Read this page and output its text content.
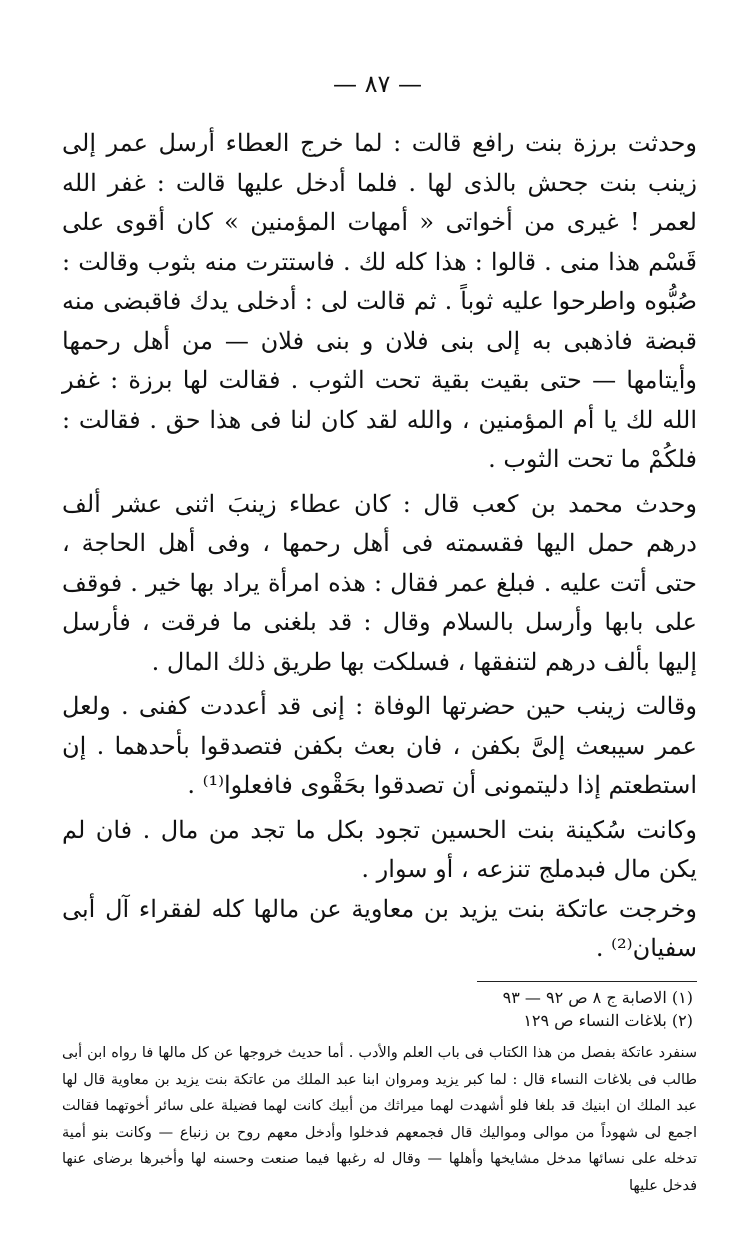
— ٨٧ —

وحدثت برزة بنت رافع قالت : لما خرج العطاء أرسل عمر إلى زينب بنت جحش بالذى لها . فلما أدخل عليها قالت : غفر الله لعمر ! غيرى من أخواتى « أمهات المؤمنين » كان أقوى على قَسْم هذا منى . قالوا : هذا كله لك . فاستترت منه بثوب وقالت : صُبُّوه واطرحوا عليه ثوباً . ثم قالت لى : أدخلى يدك فاقبضى منه قبضة فاذهبى به إلى بنى فلان و بنى فلان — من أهل رحمها وأيتامها — حتى بقيت بقية تحت الثوب . فقالت لها برزة : غفر الله لك يا أم المؤمنين ، والله لقد كان لنا فى هذا حق . فقالت : فلكُمْ ما تحت الثوب .

وحدث محمد بن كعب قال : كان عطاء زينبَ اثنى عشر ألف درهم حمل اليها فقسمته فى أهل رحمها ، وفى أهل الحاجة ، حتى أتت عليه . فبلغ عمر فقال : هذه امرأة يراد بها خير . فوقف على بابها وأرسل بالسلام وقال : قد بلغنى ما فرقت ، فأرسل إليها بألف درهم لتنفقها ، فسلكت بها طريق ذلك المال .

وقالت زينب حين حضرتها الوفاة : إنى قد أعددت كفنى . ولعل عمر سيبعث إلىَّ بكفن ، فان بعث بكفن فتصدقوا بأحدهما . إن استطعتم إذا دليتمونى أن تصدقوا بحَقْوى فافعلوا⁽¹⁾ .

وكانت سُكينة بنت الحسين تجود بكل ما تجد من مال . فان لم يكن مال فبدملج تنزعه ، أو سوار .

وخرجت عاتكة بنت يزيد بن معاوية عن مالها كله لفقراء آل أبى سفيان⁽²⁾ .

(١) الاصابة ج ٨ ص ٩٢ — ٩٣

(٢) بلاغات النساء ص ١٢٩

سنفرد عاتكة بفصل من هذا الكتاب فى باب العلم والأدب . أما حديث خروجها عن كل مالها فا رواه ابن أبى طالب فى بلاغات النساء قال : لما كبر يزيد ومروان ابنا عبد الملك من عاتكة بنت يزيد بن معاوية قال لها عبد الملك ان ابنيك قد بلغا فلو أشهدت لهما ميراثك من أبيك كانت لهما فضيلة على سائر أخوتهما فقالت اجمع لى شهوداً من موالى ومواليك قال فجمعهم فدخلوا وأدخل معهم روح بن زنباع — وكانت بنو أمية تدخله على نسائها مدخل مشايخها وأهلها — وقال له رغبها فيما صنعت وحسنه لها وأخبرها برضاى عنها فدخل عليها
